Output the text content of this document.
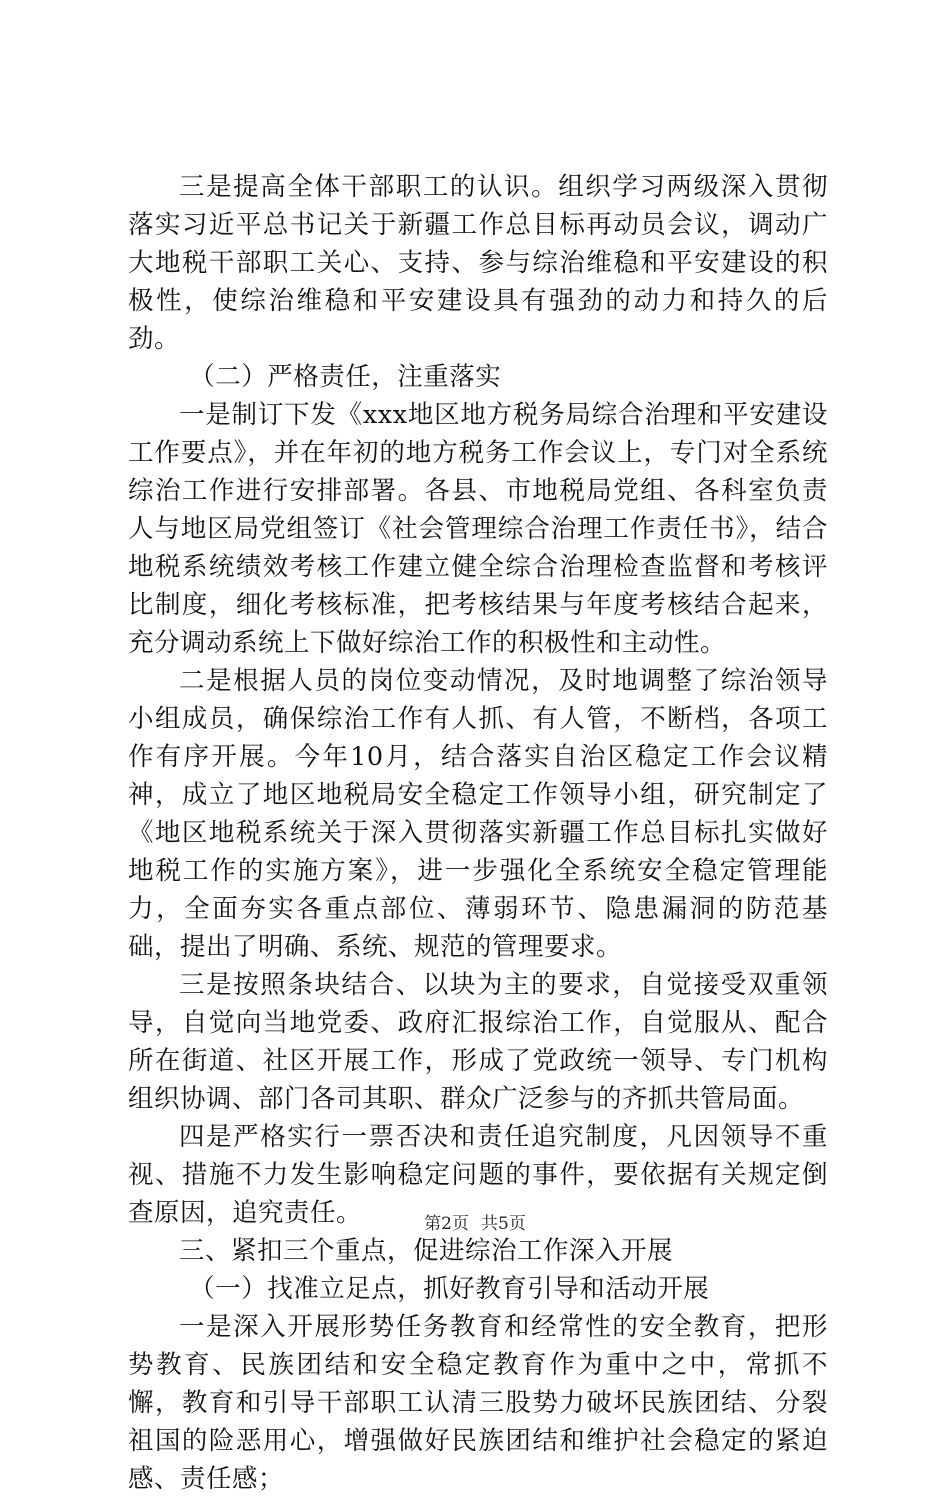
三是提高全体干部职工的认识。组织学习两级深入贯彻落实习近平总书记关于新疆工作总目标再动员会议，调动广大地税干部职工关心、支持、参与综治维稳和平安建设的积极性，使综治维稳和平安建设具有强劲的动力和持久的后劲。

（二）严格责任，注重落实

一是制订下发《xxx地区地方税务局综合治理和平安建设工作要点》，并在年初的地方税务工作会议上，专门对全系统综治工作进行安排部署。各县、市地税局党组、各科室负责人与地区局党组签订《社会管理综合治理工作责任书》，结合地税系统绩效考核工作建立健全综合治理检查监督和考核评比制度，细化考核标准，把考核结果与年度考核结合起来，充分调动系统上下做好综治工作的积极性和主动性。

二是根据人员的岗位变动情况，及时地调整了综治领导小组成员，确保综治工作有人抓、有人管，不断档，各项工作有序开展。今年10月，结合落实自治区稳定工作会议精神，成立了地区地税局安全稳定工作领导小组，研究制定了《地区地税系统关于深入贯彻落实新疆工作总目标扎实做好地税工作的实施方案》，进一步强化全系统安全稳定管理能力，全面夯实各重点部位、薄弱环节、隐患漏洞的防范基础，提出了明确、系统、规范的管理要求。

三是按照条块结合、以块为主的要求，自觉接受双重领导，自觉向当地党委、政府汇报综治工作，自觉服从、配合所在街道、社区开展工作，形成了党政统一领导、专门机构组织协调、部门各司其职、群众广泛参与的齐抓共管局面。

四是严格实行一票否决和责任追究制度，凡因领导不重视、措施不力发生影响稳定问题的事件，要依据有关规定倒查原因，追究责任。

三、紧扣三个重点，促进综治工作深入开展

（一）找准立足点，抓好教育引导和活动开展

一是深入开展形势任务教育和经常性的安全教育，把形势教育、民族团结和安全稳定教育作为重中之中，常抓不懈，教育和引导干部职工认清三股势力破坏民族团结、分裂祖国的险恶用心，增强做好民族团结和维护社会稳定的紧迫感、责任感；

第2页 共5页
